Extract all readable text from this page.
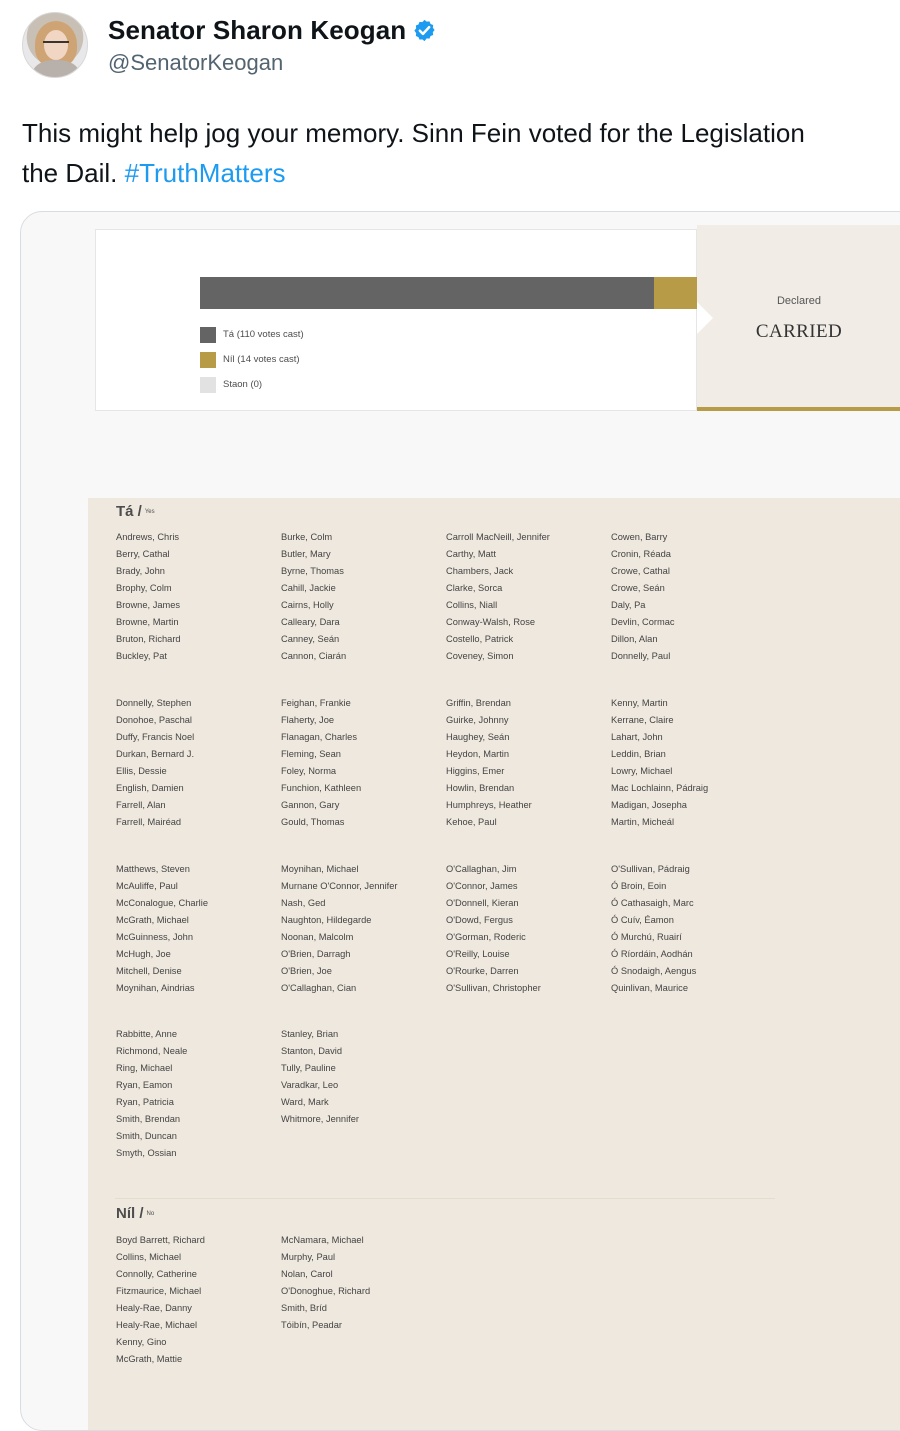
Senator Sharon Keogan
@SenatorKeogan
This might help jog your memory. Sinn Fein voted for the Legislation
the Dail. #TruthMatters
Tá (110 votes cast)
Níl (14 votes cast)
Staon (0)
Declared
CARRIED
Tá / Yes
Andrews, Chris
Berry, Cathal
Brady, John
Brophy, Colm
Browne, James
Browne, Martin
Bruton, Richard
Buckley, Pat
Burke, Colm
Butler, Mary
Byrne, Thomas
Cahill, Jackie
Cairns, Holly
Calleary, Dara
Canney, Seán
Cannon, Ciarán
Carroll MacNeill, Jennifer
Carthy, Matt
Chambers, Jack
Clarke, Sorca
Collins, Niall
Conway-Walsh, Rose
Costello, Patrick
Coveney, Simon
Cowen, Barry
Cronin, Réada
Crowe, Cathal
Crowe, Seán
Daly, Pa
Devlin, Cormac
Dillon, Alan
Donnelly, Paul
Donnelly, Stephen
Donohoe, Paschal
Duffy, Francis Noel
Durkan, Bernard J.
Ellis, Dessie
English, Damien
Farrell, Alan
Farrell, Mairéad
Feighan, Frankie
Flaherty, Joe
Flanagan, Charles
Fleming, Sean
Foley, Norma
Funchion, Kathleen
Gannon, Gary
Gould, Thomas
Griffin, Brendan
Guirke, Johnny
Haughey, Seán
Heydon, Martin
Higgins, Emer
Howlin, Brendan
Humphreys, Heather
Kehoe, Paul
Kenny, Martin
Kerrane, Claire
Lahart, John
Leddin, Brian
Lowry, Michael
Mac Lochlainn, Pádraig
Madigan, Josepha
Martin, Micheál
Matthews, Steven
McAuliffe, Paul
McConalogue, Charlie
McGrath, Michael
McGuinness, John
McHugh, Joe
Mitchell, Denise
Moynihan, Aindrias
Moynihan, Michael
Murnane O'Connor, Jennifer
Nash, Ged
Naughton, Hildegarde
Noonan, Malcolm
O'Brien, Darragh
O'Brien, Joe
O'Callaghan, Cian
O'Callaghan, Jim
O'Connor, James
O'Donnell, Kieran
O'Dowd, Fergus
O'Gorman, Roderic
O'Reilly, Louise
O'Rourke, Darren
O'Sullivan, Christopher
O'Sullivan, Pádraig
Ó Broin, Eoin
Ó Cathasaigh, Marc
Ó Cuív, Éamon
Ó Murchú, Ruairí
Ó Ríordáin, Aodhán
Ó Snodaigh, Aengus
Quinlivan, Maurice
Rabbitte, Anne
Richmond, Neale
Ring, Michael
Ryan, Eamon
Ryan, Patricia
Smith, Brendan
Smith, Duncan
Smyth, Ossian
Stanley, Brian
Stanton, David
Tully, Pauline
Varadkar, Leo
Ward, Mark
Whitmore, Jennifer
Níl / No
Boyd Barrett, Richard
Collins, Michael
Connolly, Catherine
Fitzmaurice, Michael
Healy-Rae, Danny
Healy-Rae, Michael
Kenny, Gino
McGrath, Mattie
McNamara, Michael
Murphy, Paul
Nolan, Carol
O'Donoghue, Richard
Smith, Bríd
Tóibín, Peadar
